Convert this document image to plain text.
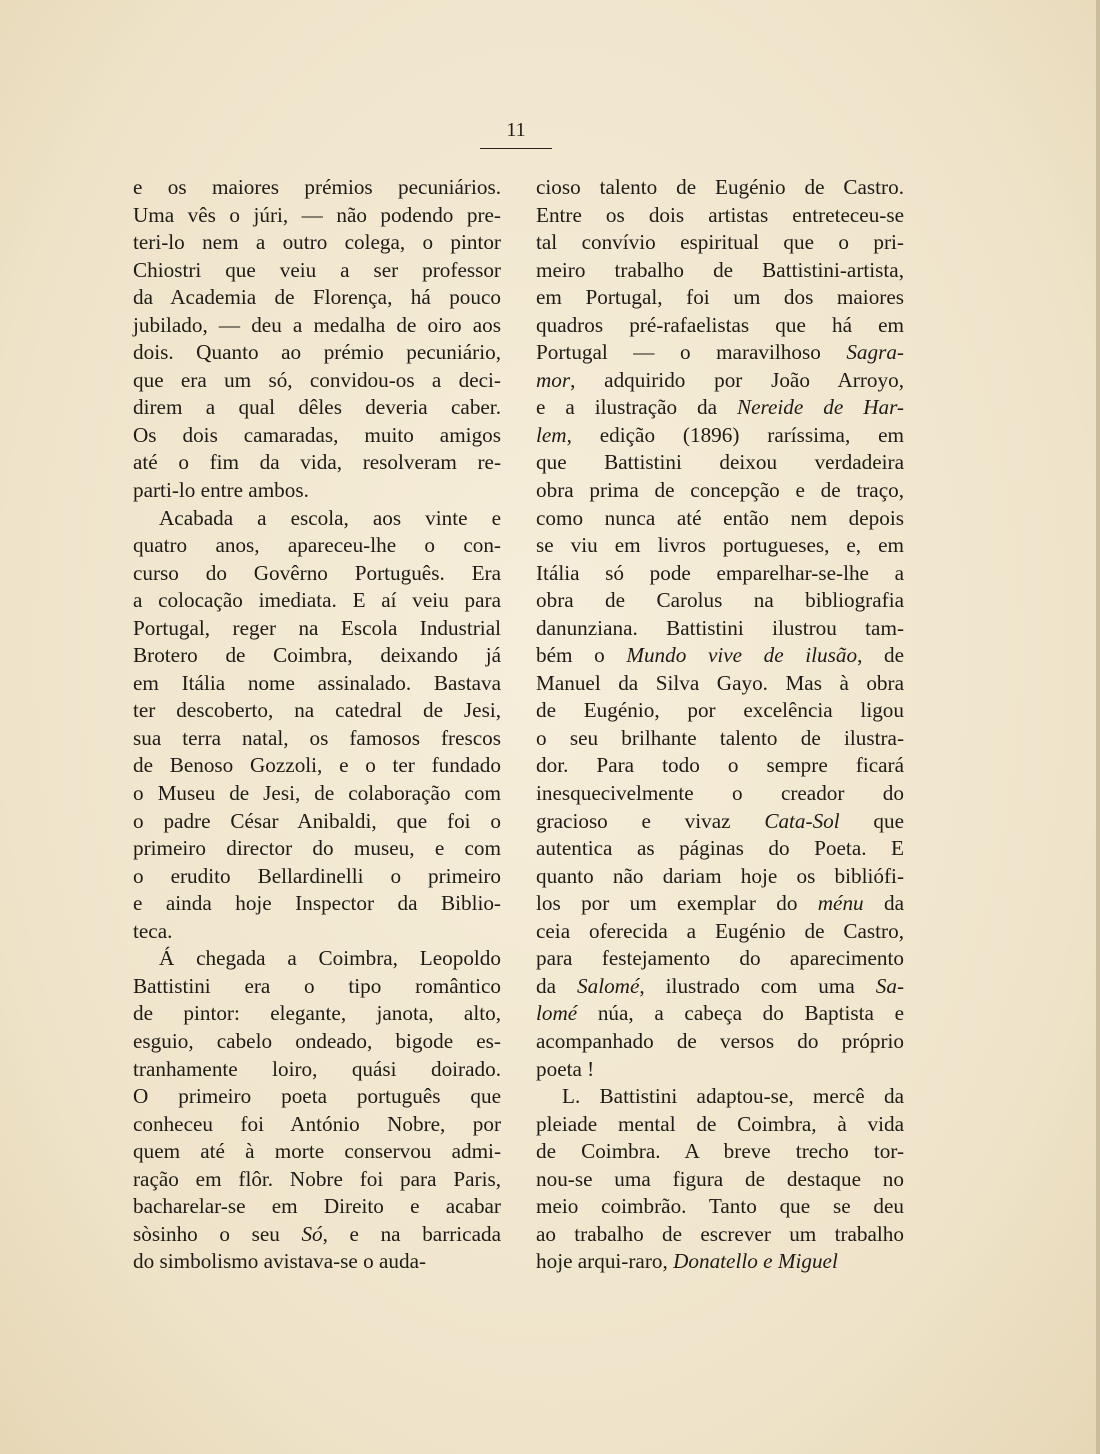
11
e os maiores prémios pecuniários.
Uma vês o júri, — não podendo pre-
teri-lo nem a outro colega, o pintor
Chiostri que veiu a ser professor
da Academia de Florença, há pouco
jubilado, — deu a medalha de oiro aos
dois. Quanto ao prémio pecuniário,
que era um só, convidou-os a deci-
direm a qual dêles deveria caber.
Os dois camaradas, muito amigos
até o fim da vida, resolveram re-
parti-lo entre ambos.
Acabada a escola, aos vinte e
quatro anos, apareceu-lhe o con-
curso do Govêrno Português. Era
a colocação imediata. E aí veiu para
Portugal, reger na Escola Industrial
Brotero de Coimbra, deixando já
em Itália nome assinalado. Bastava
ter descoberto, na catedral de Jesi,
sua terra natal, os famosos frescos
de Benoso Gozzoli, e o ter fundado
o Museu de Jesi, de colaboração com
o padre César Anibaldi, que foi o
primeiro director do museu, e com
o erudito Bellardinelli o primeiro
e ainda hoje Inspector da Biblio-
teca.
Á chegada a Coimbra, Leopoldo
Battistini era o tipo romântico
de pintor: elegante, janota, alto,
esguio, cabelo ondeado, bigode es-
tranhamente loiro, quási doirado.
O primeiro poeta português que
conheceu foi António Nobre, por
quem até à morte conservou admi-
ração em flôr. Nobre foi para Paris,
bacharelar-se em Direito e acabar
sòsinho o seu Só, e na barricada
do simbolismo avistava-se o auda-
cioso talento de Eugénio de Castro.
Entre os dois artistas entreteceu-se
tal convívio espiritual que o pri-
meiro trabalho de Battistini-artista,
em Portugal, foi um dos maiores
quadros pré-rafaelistas que há em
Portugal — o maravilhoso Sagra-
mor, adquirido por João Arroyo,
e a ilustração da Nereide de Har-
lem, edição (1896) raríssima, em
que Battistini deixou verdadeira
obra prima de concepção e de traço,
como nunca até então nem depois
se viu em livros portugueses, e, em
Itália só pode emparelhar-se-lhe a
obra de Carolus na bibliografia
danunziana. Battistini ilustrou tam-
bém o Mundo vive de ilusão, de
Manuel da Silva Gayo. Mas à obra
de Eugénio, por excelência ligou
o seu brilhante talento de ilustra-
dor. Para todo o sempre ficará
inesquecivelmente o creador do
gracioso e vivaz Cata-Sol que
autentica as páginas do Poeta. E
quanto não dariam hoje os bibliófi-
los por um exemplar do ménu da
ceia oferecida a Eugénio de Castro,
para festejamento do aparecimento
da Salomé, ilustrado com uma Sa-
lomé núa, a cabeça do Baptista e
acompanhado de versos do próprio
poeta !
L. Battistini adaptou-se, mercê da
pleiade mental de Coimbra, à vida
de Coimbra. A breve trecho tor-
nou-se uma figura de destaque no
meio coimbrão. Tanto que se deu
ao trabalho de escrever um trabalho
hoje arqui-raro, Donatello e Miguel
